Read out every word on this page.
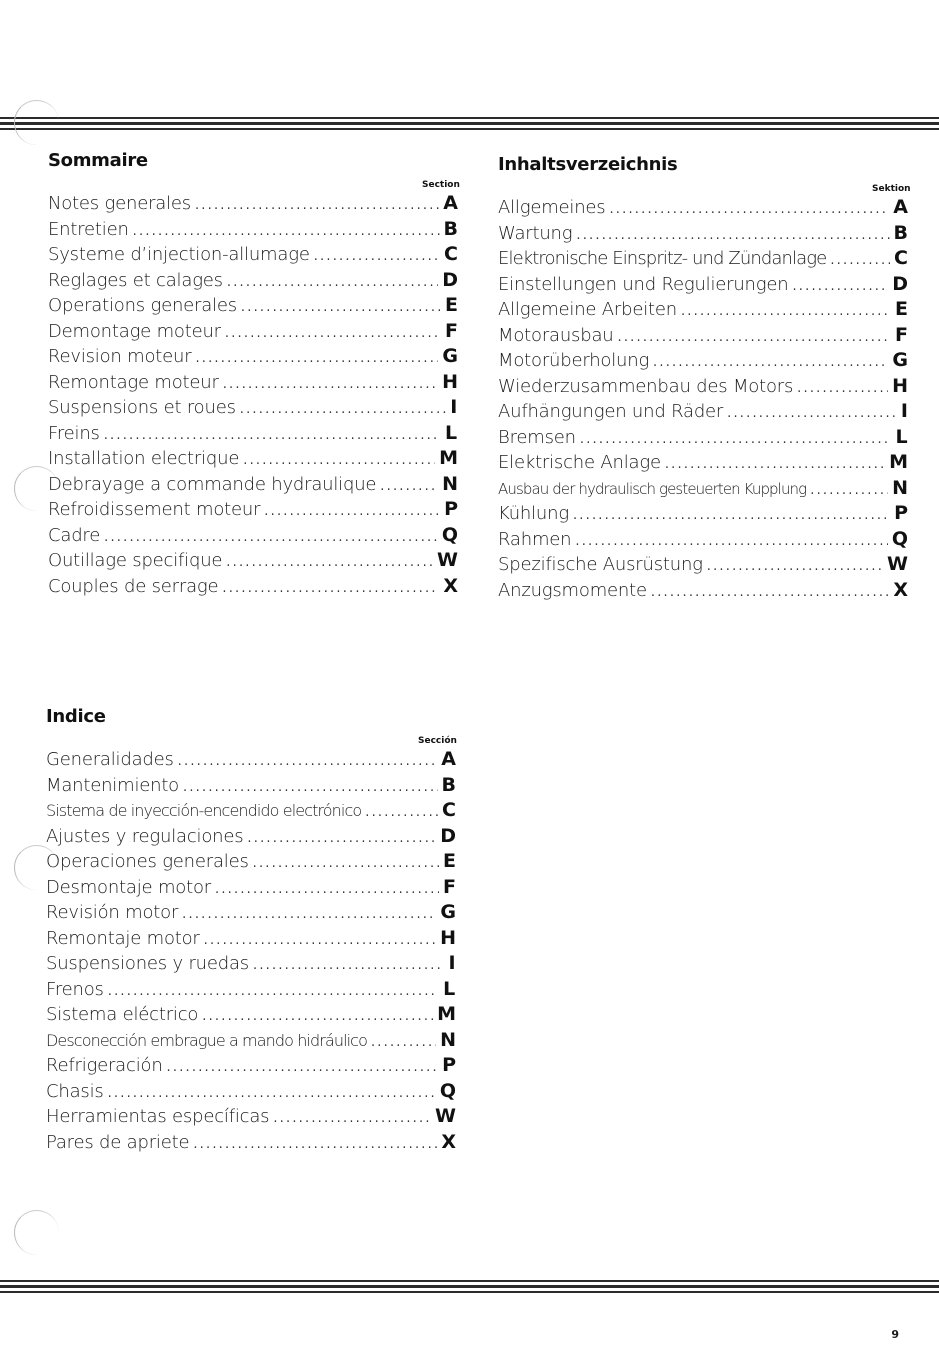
Sommaire
Section
Notes generales .....	A
Entretien .....	B
Systeme d’injection-allumage .....	C
Reglages et calages .....	D
Operations generales .....	E
Demontage moteur .....	F
Revision moteur .....	G
Remontage moteur .....	H
Suspensions et roues .....	I
Freins .....	L
Installation electrique .....	M
Debrayage a commande hydraulique .....	N
Refroidissement moteur .....	P
Cadre .....	Q
Outillage specifique .....	W
Couples de serrage .....	X
Inhaltsverzeichnis
Sektion
Allgemeines .....	A
Wartung .....	B
Elektronische Einspritz- und Zündanlage .....	C
Einstellungen und Regulierungen .....	D
Allgemeine Arbeiten .....	E
Motorausbau .....	F
Motorüberholung .....	G
Wiederzusammenbau des Motors .....	H
Aufhängungen und Räder .....	I
Bremsen .....	L
Elektrische Anlage .....	M
Ausbau der hydraulisch gesteuerten Kupplung .....	N
Kühlung .....	P
Rahmen .....	Q
Spezifische Ausrüstung .....	W
Anzugsmomente .....	X
Indice
Sección
Generalidades .....	A
Mantenimiento .....	B
Sistema de inyección-encendido electrónico .....	C
Ajustes y regulaciones .....	D
Operaciones generales .....	E
Desmontaje motor .....	F
Revisión motor .....	G
Remontaje motor .....	H
Suspensiones y ruedas .....	I
Frenos .....	L
Sistema eléctrico .....	M
Desconección embrague a mando hidráulico .....	N
Refrigeración .....	P
Chasis .....	Q
Herramientas específicas .....	W
Pares de apriete .....	X
9
